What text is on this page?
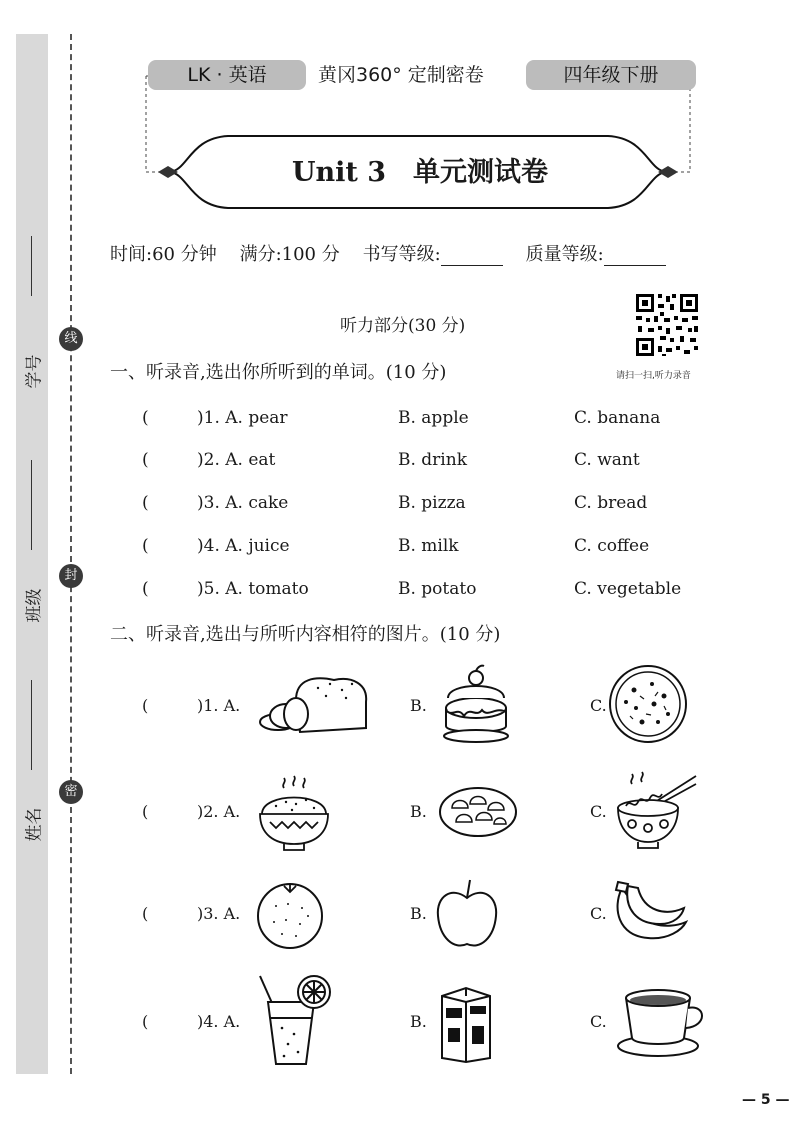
学号
班级
姓名
线
封
密
LK · 英语	黄冈360° 定制密卷	四年级下册
Unit 3　单元测试卷
时间:60 分钟 满分:100 分 书写等级:	质量等级:
听力部分(30 分)
请扫一扫,听力录音
一、听录音,选出你所听到的单词。(10 分)
(	)1. A. pear	B. apple	C. banana
(	)2. A. eat	B. drink	C. want
(	)3. A. cake	B. pizza	C. bread
(	)4. A. juice	B. milk	C. coffee
(	)5. A. tomato	B. potato	C. vegetable
二、听录音,选出与所听内容相符的图片。(10 分)
(	)1. A.	B.	C.
(	)2. A.	B.	C.
(	)3. A.	B.	C.
(	)4. A.	B.	C.
— 5 —
